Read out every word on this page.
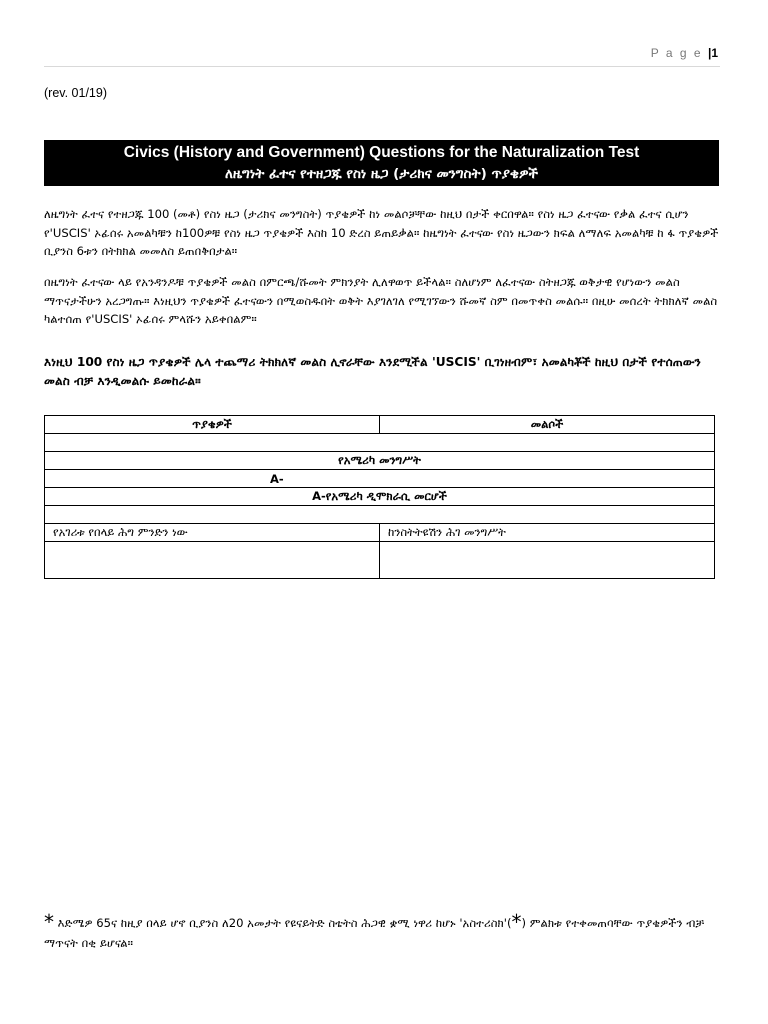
P a g e |1
(rev. 01/19)
Civics (History and Government) Questions for the Naturalization Test
ለዜግነት ፈተና የተዘጋጁ የስነ ዜጋ (ታሪክና መንግስት) ጥያቄዎች
ለዜግነት ፈተና የተዘጋጁ 100 (መቶ) የስነ ዜጋ (ታሪክና መንግስት) ጥያቄዎች ከነ መልሶቻቸው ከዚህ በታች ቀርበዋል። የስነ ዜጋ ፈተናው የቃል ፈተና ሲሆን የ'USCIS' ኦፊሰሩ አመልካቹን ከ100ዎቹ የስነ ዜጋ ጥያቄዎች እስከ 10 ድረስ ይጠይቃል። ከዜግነት ፈተናው የስነ ዜጋውን ክፍል ለማለፍ አመልካቹ ከ ፋ ጥያቄዎች ቢያንስ 6ቱን በትክክል መመለስ ይጠበቅበታል።
በዜግነት ፈተናው ላይ የአንዳንዶቹ ጥያቄዎች መልስ በምርጫ/ሹመት ምክንያት ሊለዋወጥ ይችላል። ስለሆነም ለፈተናው ስትዘጋጁ ወቅታዊ የሆነውን መልስ ማጥናታችሁን አረጋግጡ። እነዚህን ጥያቄዎች ፈተናውን በሚወስዱበት ወቅት እያገለገለ የሚገኘውን ሹመኛ ስም በመጥቀስ መልሱ። በዚሁ መሰረት ትክክለኛ መልስ ካልተሰጠ የ'USCIS' ኦፊሰሩ ምላሹን አይቀበልም።
እነዚህ 100 የስነ ዜጋ ጥያቄዎች ሌላ ተጨማሪ ትክክለኛ መልስ ሊኖራቸው እንደሚችል 'USCIS' ቢገነዘብም፣ አመልካቾች ከዚህ በታች የተሰጠውን መልስ ብቻ እንዲመልሱ ይመከራል።
ጥያቄዎች	መልሶች

የአሜሪካ መንግሥት	
A-	
A-የአሜሪካ ዲሞክራሲ መርሆች	

የአገሪቱ የበላይ ሕግ ምንድን ነው	ከንስትትዩሽን ሕገ መንግሥት

* እድሜዎ 65ና ከዚያ በላይ ሆኖ ቢያንስ ለ20 አመታት የዩናይትድ ስቴትስ ሕጋዊ ቋሚ ነዋሪ ከሆኑ 'አስተሪስክ'(*) ምልክቱ የተቀመጠባቸው ጥያቄዎችን ብቻ ማጥናት በቂ ይሆናል።
